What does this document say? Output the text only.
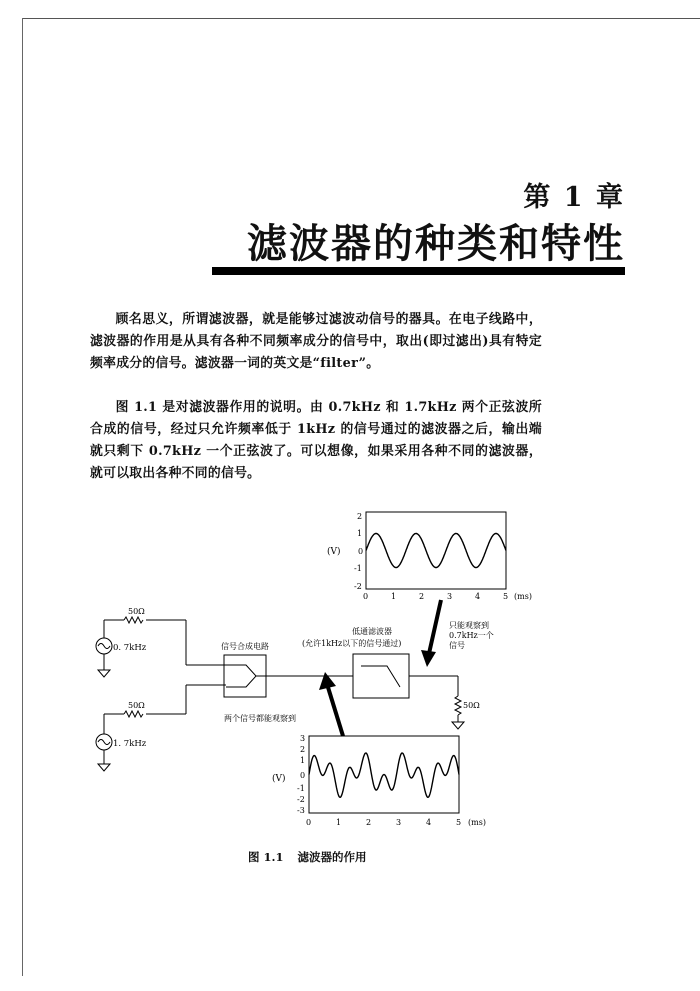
第 1 章
滤波器的种类和特性
顾名思义，所谓滤波器，就是能够过滤波动信号的器具。在电子线路中，滤波器的作用是从具有各种不同频率成分的信号中，取出(即过滤出)具有特定频率成分的信号。滤波器一词的英文是“filter”。
图 1.1 是对滤波器作用的说明。由 0.7kHz 和 1.7kHz 两个正弦波所合成的信号，经过只允许频率低于 1kHz 的信号通过的滤波器之后，输出端就只剩下 0.7kHz 一个正弦波了。可以想像，如果采用各种不同的滤波器，就可以取出各种不同的信号。
(V)
2
1
0
-1
-2
0	1	2	3	4	5 (ms)
(V)
3
2
1
0
-1
-2
-3
0	1	2	3	4	5 (ms)
0. 7kHz
50Ω
1. 7kHz
50Ω
信号合成电路
两个信号都能观察到
低通滤波器
(允许1kHz以下的信号通过)
50Ω
只能观察到
0.7kHz一个
信号
图 1.1 滤波器的作用
